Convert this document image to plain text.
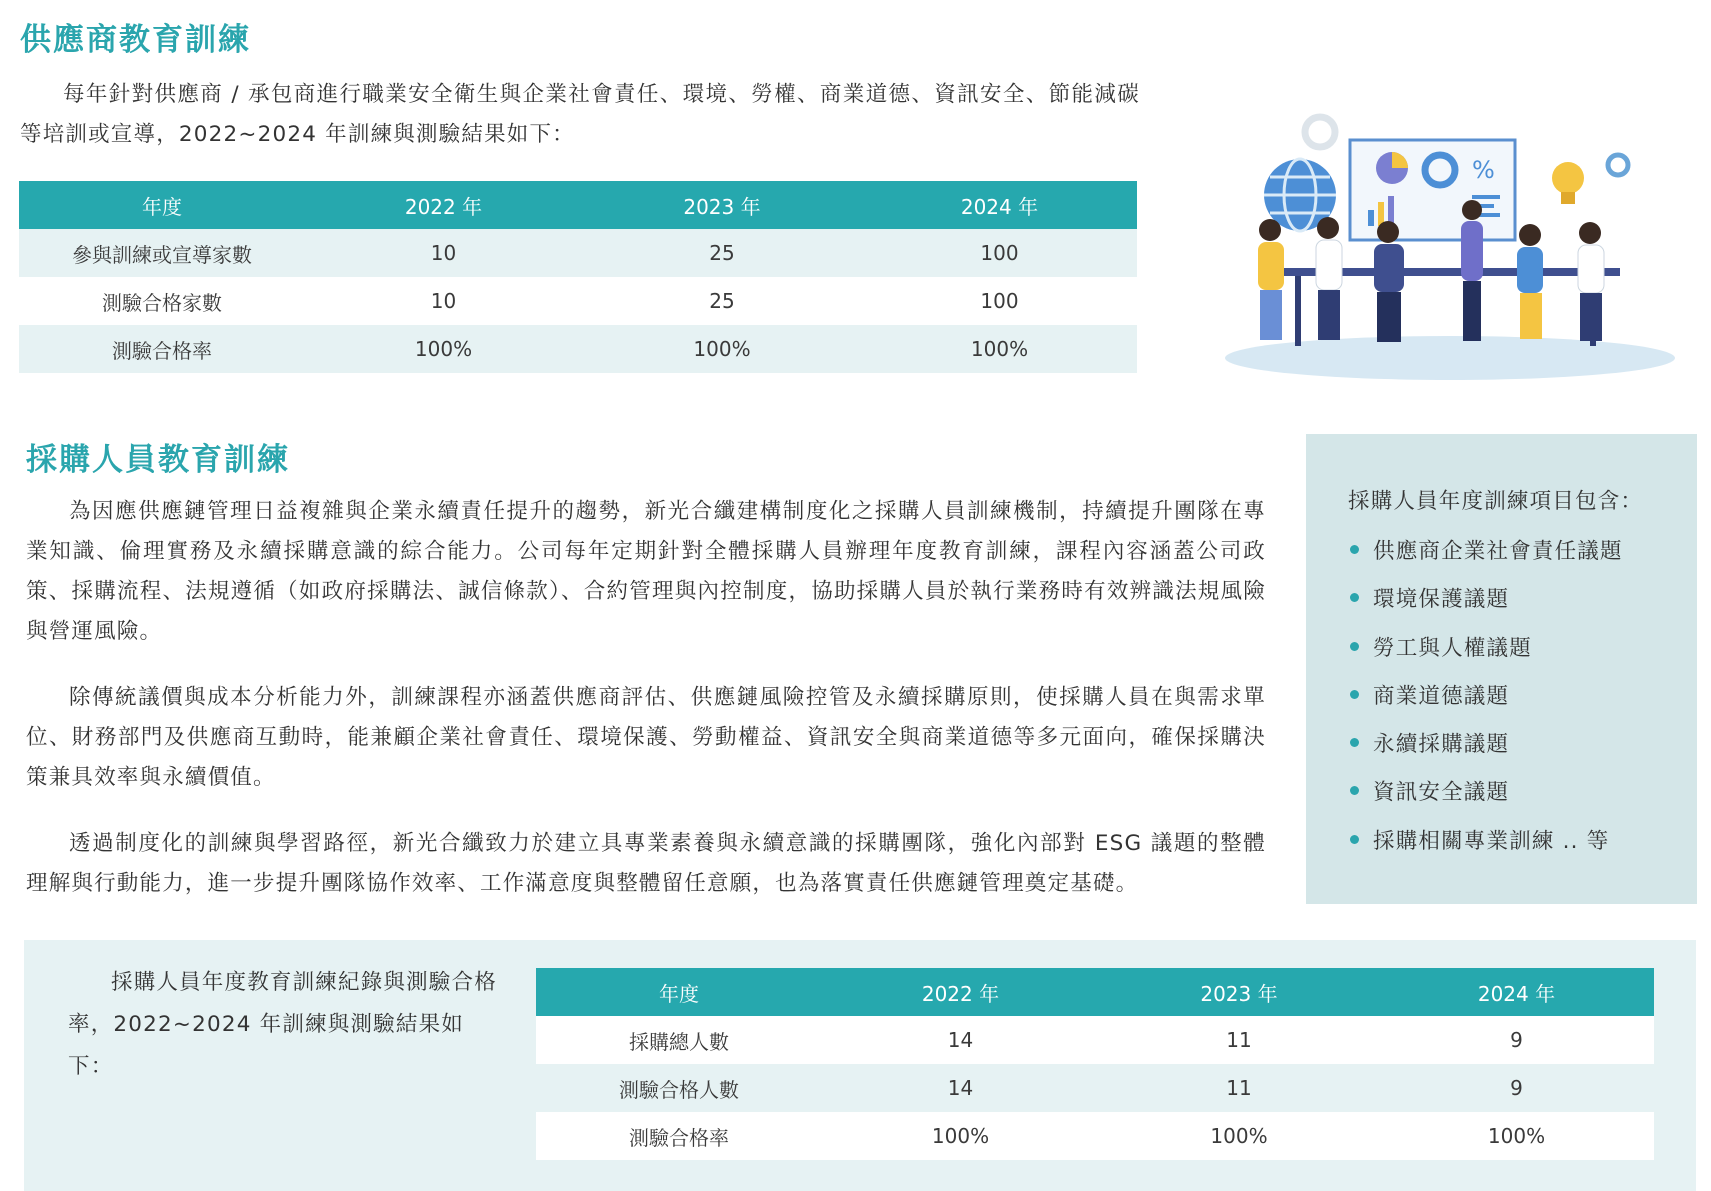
供應商教育訓練

每年針對供應商 / 承包商進行職業安全衛生與企業社會責任、環境、勞權、商業道德、資訊安全、節能減碳等培訓或宣導，2022~2024 年訓練與測驗結果如下：

年度	2022 年	2023 年	2024 年
參與訓練或宣導家數	10	25	100
測驗合格家數	10	25	100
測驗合格率	100%	100%	100%
%
採購人員教育訓練

為因應供應鏈管理日益複雜與企業永續責任提升的趨勢，新光合纖建構制度化之採購人員訓練機制，持續提升團隊在專業知識、倫理實務及永續採購意識的綜合能力。公司每年定期針對全體採購人員辦理年度教育訓練，課程內容涵蓋公司政策、採購流程、法規遵循（如政府採購法、誠信條款）、合約管理與內控制度，協助採購人員於執行業務時有效辨識法規風險與營運風險。

除傳統議價與成本分析能力外，訓練課程亦涵蓋供應商評估、供應鏈風險控管及永續採購原則，使採購人員在與需求單位、財務部門及供應商互動時，能兼顧企業社會責任、環境保護、勞動權益、資訊安全與商業道德等多元面向，確保採購決策兼具效率與永續價值。

透過制度化的訓練與學習路徑，新光合纖致力於建立具專業素養與永續意識的採購團隊，強化內部對 ESG 議題的整體理解與行動能力，進一步提升團隊協作效率、工作滿意度與整體留任意願，也為落實責任供應鏈管理奠定基礎。

採購人員年度訓練項目包含：
供應商企業社會責任議題
環境保護議題
勞工與人權議題
商業道德議題
永續採購議題
資訊安全議題
採購相關專業訓練 .. 等

採購人員年度教育訓練紀錄與測驗合格率，2022~2024 年訓練與測驗結果如下：

年度	2022 年	2023 年	2024 年
採購總人數	14	11	9
測驗合格人數	14	11	9
測驗合格率	100%	100%	100%
